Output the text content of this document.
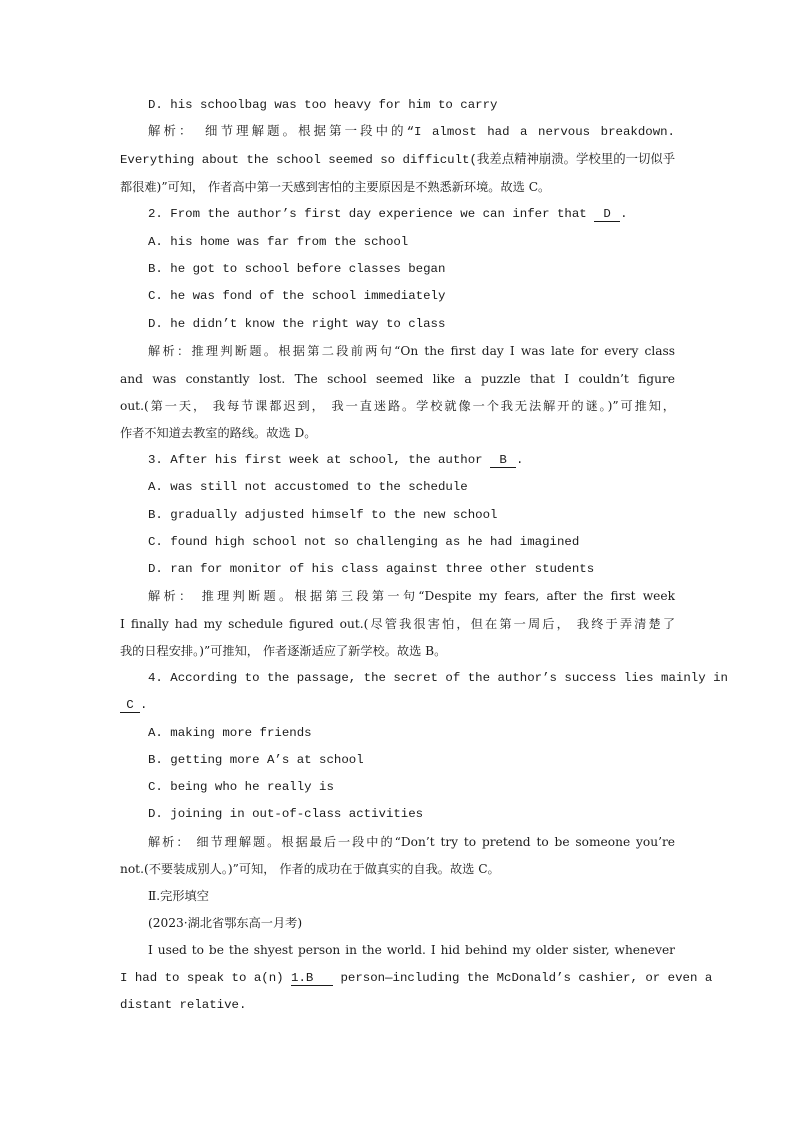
D. his schoolbag was too heavy for him to carry
解析： 细节理解题。根据第一段中的“I almost had a nervous breakdown.
Everything about the school seemed so difficult(我差点精神崩溃。学校里的一切似乎
都很难)”可知， 作者高中第一天感到害怕的主要原因是不熟悉新环境。故选 C。
2. From the author’s first day experience we can infer that D .
A. his home was far from the school
B. he got to school before classes began
C. he was fond of the school immediately
D. he didn’t know the right way to class
解析：推理判断题。根据第二段前两句“On the first day I was late for every class
and was constantly lost. The school seemed like a puzzle that I couldn’t figure
out.(第一天， 我每节课都迟到， 我一直迷路。学校就像一个我无法解开的谜。)”可推知，
作者不知道去教室的路线。故选 D。
3. After his first week at school, the author B .
A. was still not accustomed to the schedule
B. gradually adjusted himself to the new school
C. found high school not so challenging as he had imagined
D. ran for monitor of his class against three other students
解析： 推理判断题。根据第三段第一句“Despite my fears, after the first week
I finally had my schedule figured out.(尽管我很害怕，但在第一周后， 我终于弄清楚了
我的日程安排。)”可推知， 作者逐渐适应了新学校。故选 B。
4. According to the passage, the secret of the author’s success lies mainly in
C .
A. making more friends
B. getting more A’s at school
C. being who he really is
D. joining in out-of-class activities
解析： 细节理解题。根据最后一段中的“Don’t try to pretend to be someone you’re
not.(不要装成别人。)”可知， 作者的成功在于做真实的自我。故选 C。
Ⅱ.完形填空
(2023·湖北省鄂东高一月考)
I used to be the shyest person in the world. I hid behind my older sister, whenever
I had to speak to a(n) 1.B person—including the McDonald’s cashier, or even a
distant relative.
